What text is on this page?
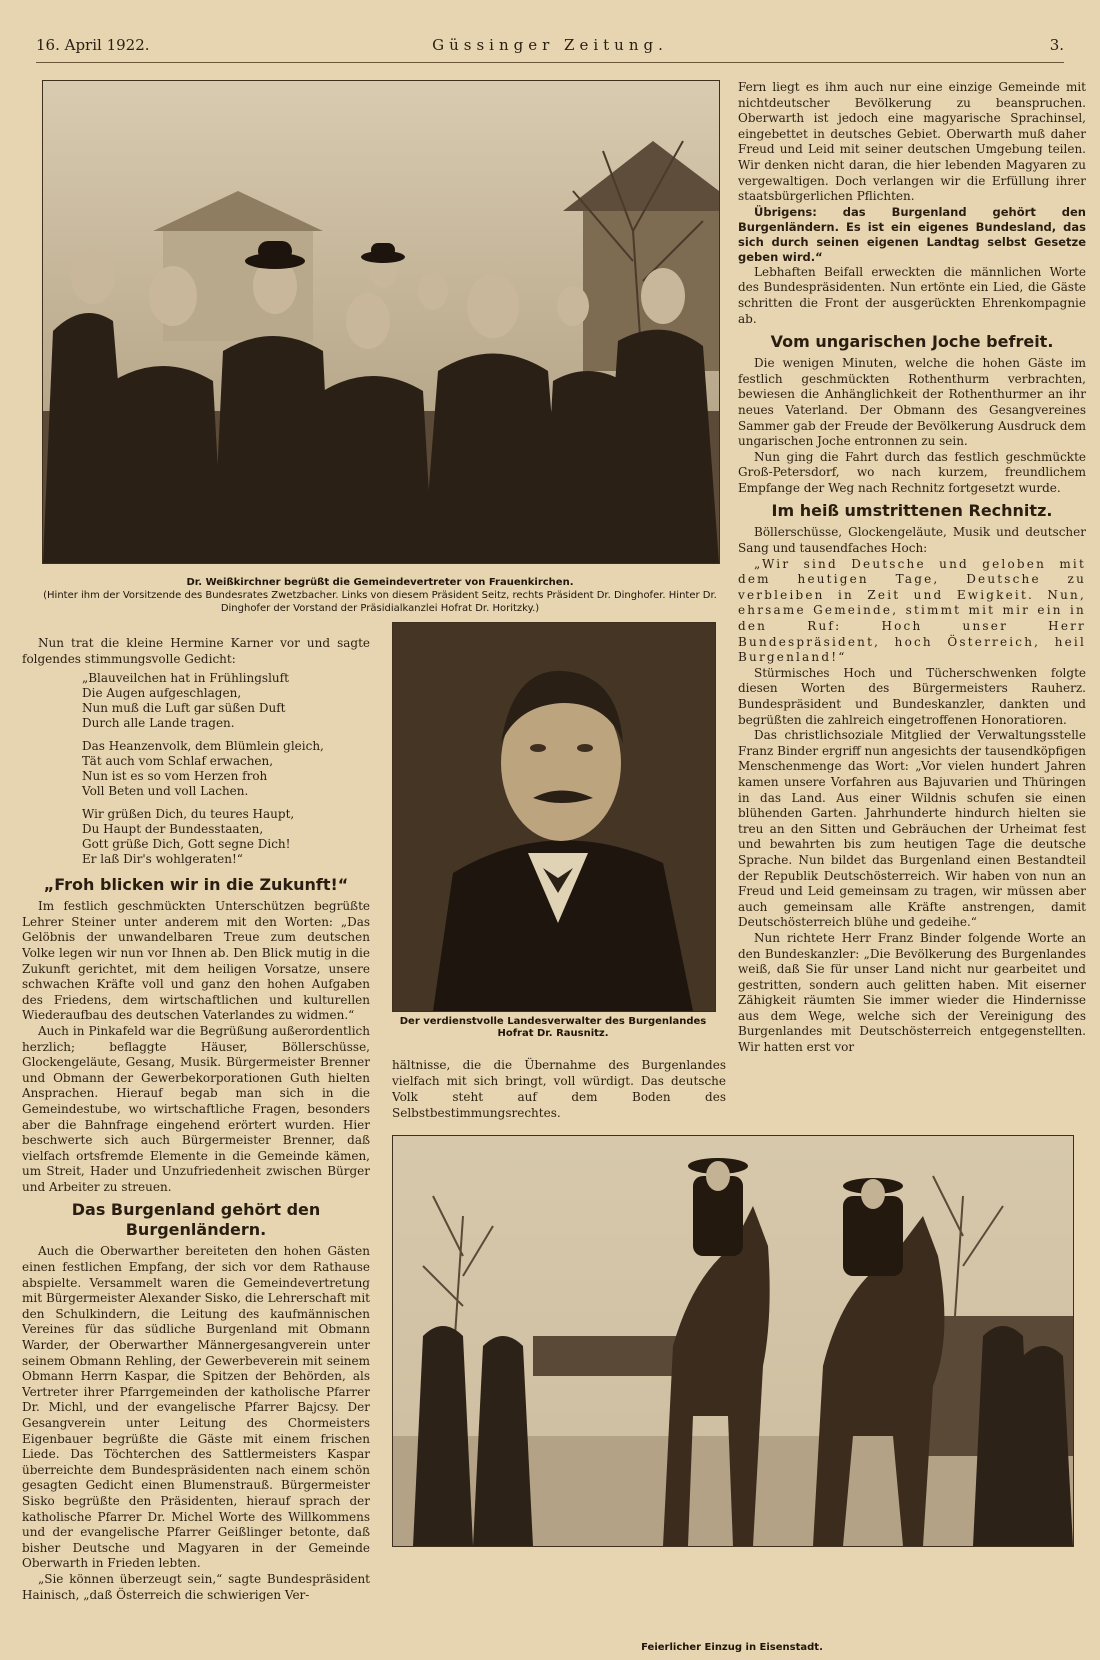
16. April 1922.	Güssinger Zeitung.	3.
Dr. Weißkirchner begrüßt die Gemeindevertreter von Frauenkirchen.
(Hinter ihm der Vorsitzende des Bundesrates Zwetzbacher. Links von diesem Präsident Seitz, rechts Präsident Dr. Dinghofer. Hinter Dr. Dinghofer der Vorstand der Präsidialkanzlei Hofrat Dr. Horitzky.)
Der verdienstvolle Landesverwalter des Burgenlandes Hofrat Dr. Rausnitz.
Feierlicher Einzug in Eisenstadt.

Nun trat die kleine Hermine Karner vor und sagte folgendes stimmungsvolle Gedicht:

„Blauveilchen hat in Frühlingsluft
Die Augen aufgeschlagen,
Nun muß die Luft gar süßen Duft
Durch alle Lande tragen.
Das Heanzenvolk, dem Blümlein gleich,
Tät auch vom Schlaf erwachen,
Nun ist es so vom Herzen froh
Voll Beten und voll Lachen.
Wir grüßen Dich, du teures Haupt,
Du Haupt der Bundesstaaten,
Gott grüße Dich, Gott segne Dich!
Er laß Dir's wohlgeraten!“
„Froh blicken wir in die Zukunft!“

Im festlich geschmückten Unterschützen begrüßte Lehrer Steiner unter anderem mit den Worten: „Das Gelöbnis der unwandelbaren Treue zum deutschen Volke legen wir nun vor Ihnen ab. Den Blick mutig in die Zukunft gerichtet, mit dem heiligen Vorsatze, unsere schwachen Kräfte voll und ganz den hohen Aufgaben des Friedens, dem wirtschaftlichen und kulturellen Wiederaufbau des deutschen Vaterlandes zu widmen.“

Auch in Pinkafeld war die Begrüßung außerordentlich herzlich; beflaggte Häuser, Böllerschüsse, Glockengeläute, Gesang, Musik. Bürgermeister Brenner und Obmann der Gewerbekorporationen Guth hielten Ansprachen. Hierauf begab man sich in die Gemeindestube, wo wirtschaftliche Fragen, besonders aber die Bahnfrage eingehend erörtert wurden. Hier beschwerte sich auch Bürgermeister Brenner, daß vielfach ortsfremde Elemente in die Gemeinde kämen, um Streit, Hader und Unzufriedenheit zwischen Bürger und Arbeiter zu streuen.

Das Burgenland gehört den Burgenländern.

Auch die Oberwarther bereiteten den hohen Gästen einen festlichen Empfang, der sich vor dem Rathause abspielte. Versammelt waren die Gemeindevertretung mit Bürgermeister Alexander Sisko, die Lehrerschaft mit den Schulkindern, die Leitung des kaufmännischen Vereines für das südliche Burgenland mit Obmann Warder, der Oberwarther Männergesangverein unter seinem Obmann Rehling, der Gewerbeverein mit seinem Obmann Herrn Kaspar, die Spitzen der Behörden, als Vertreter ihrer Pfarrgemeinden der katholische Pfarrer Dr. Michl, und der evangelische Pfarrer Bajcsy. Der Gesangverein unter Leitung des Chormeisters Eigenbauer begrüßte die Gäste mit einem frischen Liede. Das Töchterchen des Sattlermeisters Kaspar überreichte dem Bundespräsidenten nach einem schön gesagten Gedicht einen Blumenstrauß. Bürgermeister Sisko begrüßte den Präsidenten, hierauf sprach der katholische Pfarrer Dr. Michel Worte des Willkommens und der evangelische Pfarrer Geißlinger betonte, daß bisher Deutsche und Magyaren in der Gemeinde Oberwarth in Frieden lebten.

„Sie können überzeugt sein,“ sagte Bundespräsident Hainisch, „daß Österreich die schwierigen Ver-

hältnisse, die die Übernahme des Burgenlandes vielfach mit sich bringt, voll würdigt. Das deutsche Volk steht auf dem Boden des Selbstbestimmungsrechtes.

Fern liegt es ihm auch nur eine einzige Gemeinde mit nichtdeutscher Bevölkerung zu beanspruchen. Oberwarth ist jedoch eine magyarische Sprachinsel, eingebettet in deutsches Gebiet. Oberwarth muß daher Freud und Leid mit seiner deutschen Umgebung teilen. Wir denken nicht daran, die hier lebenden Magyaren zu vergewaltigen. Doch verlangen wir die Erfüllung ihrer staatsbürgerlichen Pflichten.

Übrigens: das Burgenland gehört den Burgenländern. Es ist ein eigenes Bundesland, das sich durch seinen eigenen Landtag selbst Gesetze geben wird.“

Lebhaften Beifall erweckten die männlichen Worte des Bundespräsidenten. Nun ertönte ein Lied, die Gäste schritten die Front der ausgerückten Ehrenkompagnie ab.

Vom ungarischen Joche befreit.

Die wenigen Minuten, welche die hohen Gäste im festlich geschmückten Rothenthurm verbrachten, bewiesen die Anhänglichkeit der Rothenthurmer an ihr neues Vaterland. Der Obmann des Gesangvereines Sammer gab der Freude der Bevölkerung Ausdruck dem ungarischen Joche entronnen zu sein.

Nun ging die Fahrt durch das festlich geschmückte Groß-Petersdorf, wo nach kurzem, freundlichem Empfange der Weg nach Rechnitz fortgesetzt wurde.

Im heiß umstrittenen Rechnitz.

Böllerschüsse, Glockengeläute, Musik und deutscher Sang und tausendfaches Hoch:

„Wir sind Deutsche und geloben mit dem heutigen Tage, Deutsche zu verbleiben in Zeit und Ewigkeit. Nun, ehrsame Gemeinde, stimmt mit mir ein in den Ruf: Hoch unser Herr Bundespräsident, hoch Österreich, heil Burgenland!“

Stürmisches Hoch und Tücherschwenken folgte diesen Worten des Bürgermeisters Rauherz. Bundespräsident und Bundeskanzler, dankten und begrüßten die zahlreich eingetroffenen Honoratioren.

Das christlichsoziale Mitglied der Verwaltungsstelle Franz Binder ergriff nun angesichts der tausendköpfigen Menschenmenge das Wort: „Vor vielen hundert Jahren kamen unsere Vorfahren aus Bajuvarien und Thüringen in das Land. Aus einer Wildnis schufen sie einen blühenden Garten. Jahrhunderte hindurch hielten sie treu an den Sitten und Gebräuchen der Urheimat fest und bewahrten bis zum heutigen Tage die deutsche Sprache. Nun bildet das Burgenland einen Bestandteil der Republik Deutschösterreich. Wir haben von nun an Freud und Leid gemeinsam zu tragen, wir müssen aber auch gemeinsam alle Kräfte anstrengen, damit Deutschösterreich blühe und gedeihe.“

Nun richtete Herr Franz Binder folgende Worte an den Bundeskanzler: „Die Bevölkerung des Burgenlandes weiß, daß Sie für unser Land nicht nur gearbeitet und gestritten, sondern auch gelitten haben. Mit eiserner Zähigkeit räumten Sie immer wieder die Hindernisse aus dem Wege, welche sich der Vereinigung des Burgenlandes mit Deutschösterreich entgegenstellten. Wir hatten erst vor
